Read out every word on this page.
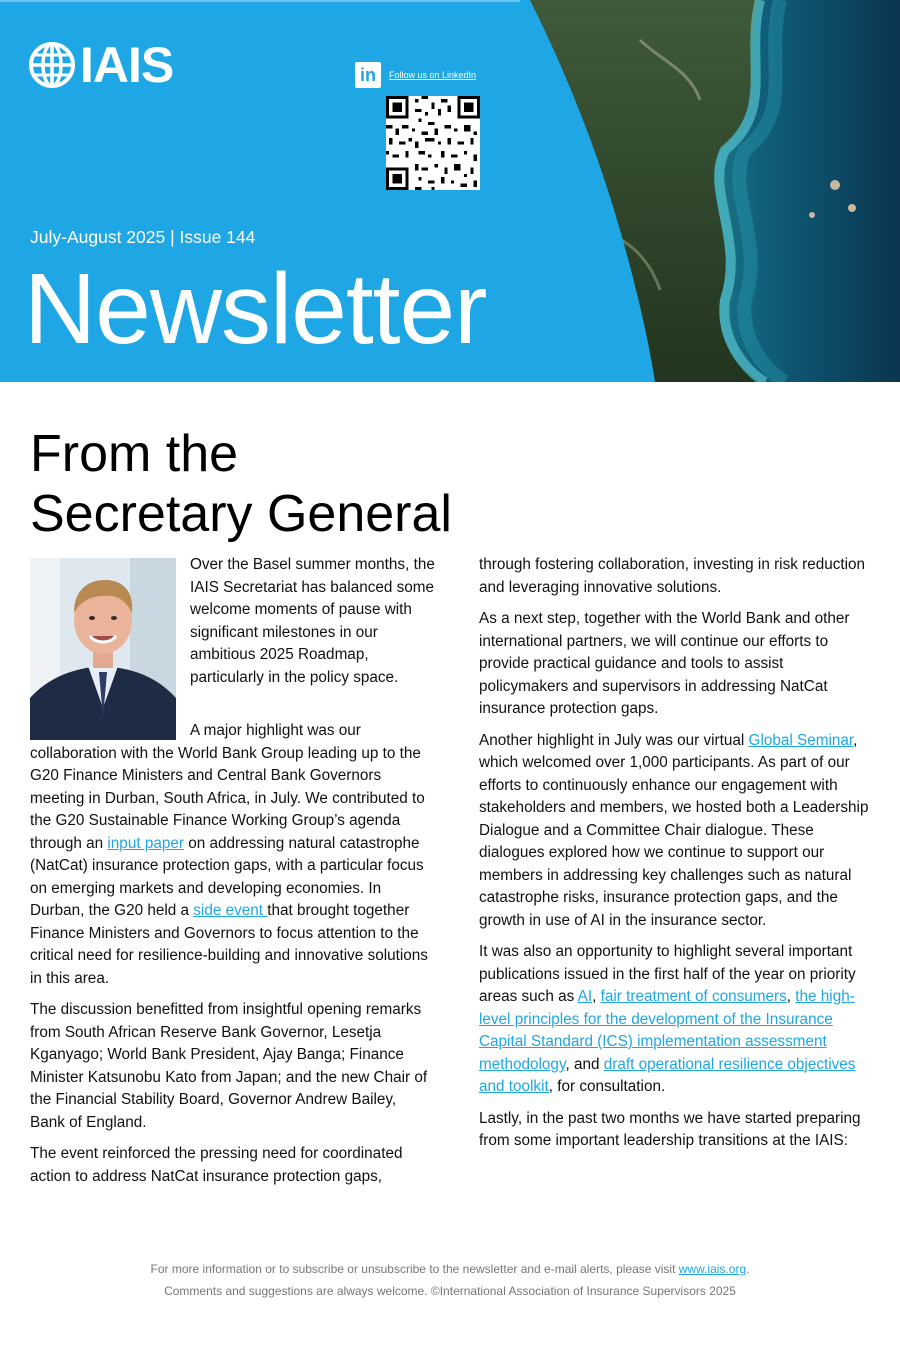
IAIS	in	Follow us on LinkedIn
July-August 2025 | Issue 144
Newsletter
From the
Secretary General

Over the Basel summer months, the IAIS Secretariat has balanced some welcome moments of pause with significant milestones in our ambitious 2025 Roadmap, particularly in the policy space.

A major highlight was our collaboration with the World Bank Group leading up to the G20 Finance Ministers and Central Bank Governors meeting in Durban, South Africa, in July. We contributed to the G20 Sustainable Finance Working Group’s agenda through an input paper on addressing natural catastrophe (NatCat) insurance protection gaps, with a particular focus on emerging markets and developing economies. In Durban, the G20 held a side event that brought together Finance Ministers and Governors to focus attention to the critical need for resilience-building and innovative solutions in this area.

The discussion benefitted from insightful opening remarks from South African Reserve Bank Governor, Lesetja Kganyago; World Bank President, Ajay Banga; Finance Minister Katsunobu Kato from Japan; and the new Chair of the Financial Stability Board, Governor Andrew Bailey, Bank of England.

The event reinforced the pressing need for coordinated action to address NatCat insurance protection gaps,

through fostering collaboration, investing in risk reduction and leveraging innovative solutions.

As a next step, together with the World Bank and other international partners, we will continue our efforts to provide practical guidance and tools to assist policymakers and supervisors in addressing NatCat insurance protection gaps.

Another highlight in July was our virtual Global Seminar, which welcomed over 1,000 participants. As part of our efforts to continuously enhance our engagement with stakeholders and members, we hosted both a Leadership Dialogue and a Committee Chair dialogue. These dialogues explored how we continue to support our members in addressing key challenges such as natural catastrophe risks, insurance protection gaps, and the growth in use of AI in the insurance sector.

It was also an opportunity to highlight several important publications issued in the first half of the year on priority areas such as AI, fair treatment of consumers, the high-level principles for the development of the Insurance Capital Standard (ICS) implementation assessment methodology, and draft operational resilience objectives and toolkit, for consultation.

Lastly, in the past two months we have started preparing from some important leadership transitions at the IAIS:

For more information or to subscribe or unsubscribe to the newsletter and e-mail alerts, please visit www.iais.org.

Comments and suggestions are always welcome. ©International Association of Insurance Supervisors 2025
